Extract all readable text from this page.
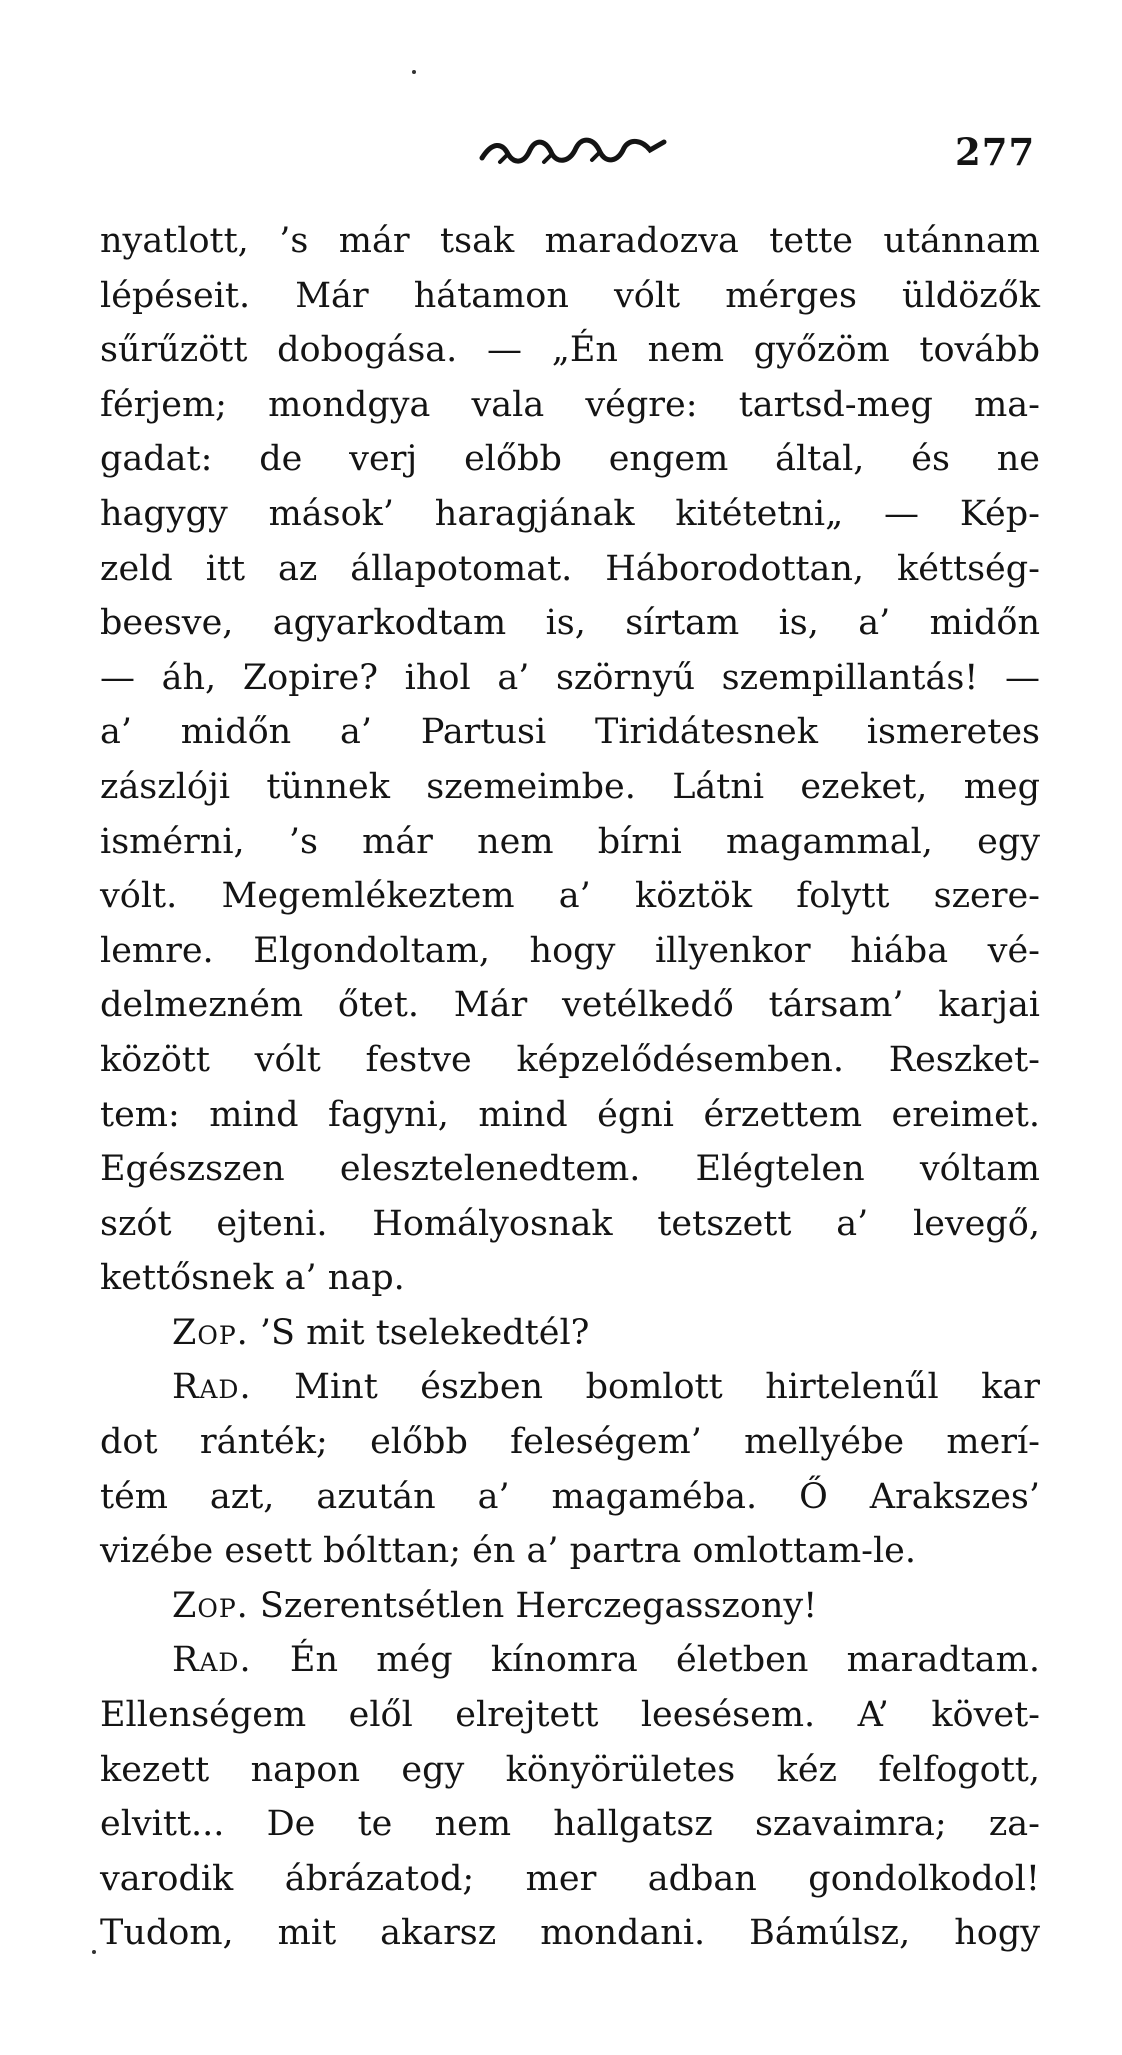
277
nyatlott, ’s már tsak maradozva tette utánnam
lépéseit. Már hátamon vólt mérges üldözők
sűrűzött dobogása. — „Én nem győzöm tovább
férjem; mondgya vala végre: tartsd-meg ma-
gadat: de verj előbb engem által, és ne
hagygy mások’ haragjának kitétetni„ — Kép-
zeld itt az állapotomat. Háborodottan, kéttség-
beesve, agyarkodtam is, sírtam is, a’ midőn
— áh, Zopire? ihol a’ szörnyű szempillantás! —
a’ midőn a’ Partusi Tiridátesnek ismeretes
zászlóji tünnek szemeimbe. Látni ezeket, meg
ismérni, ’s már nem bírni magammal, egy
vólt. Megemlékeztem a’ köztök folytt szere-
lemre. Elgondoltam, hogy illyenkor hiába vé-
delmezném őtet. Már vetélkedő társam’ karjai
között vólt festve képzelődésemben. Reszket-
tem: mind fagyni, mind égni érzettem ereimet.
Egészszen elesztelenedtem. Elégtelen vóltam
szót ejteni. Homályosnak tetszett a’ levegő,
kettősnek a’ nap.
Zop. ’S mit tselekedtél?
Rad. Mint észben bomlott hirtelenűl kar
dot ránték; előbb feleségem’ mellyébe merí-
tém azt, azután a’ magamébа. Ő Arakszes’
vizébe esett bólttan; én a’ partra omlottam-le.
Zop. Szerentsétlen Herczegasszony!
Rad. Én még kínomra életben maradtam.
Ellenségem elől elrejtett leesésem. A’ követ-
kezett napon egy könyörületes kéz felfogott,
elvitt... De te nem hallgatsz szavaimra; za-
varodik ábrázatod; mer adban gondolkodol!
Tudom, mit akarsz mondani. Bámúlsz, hogy
